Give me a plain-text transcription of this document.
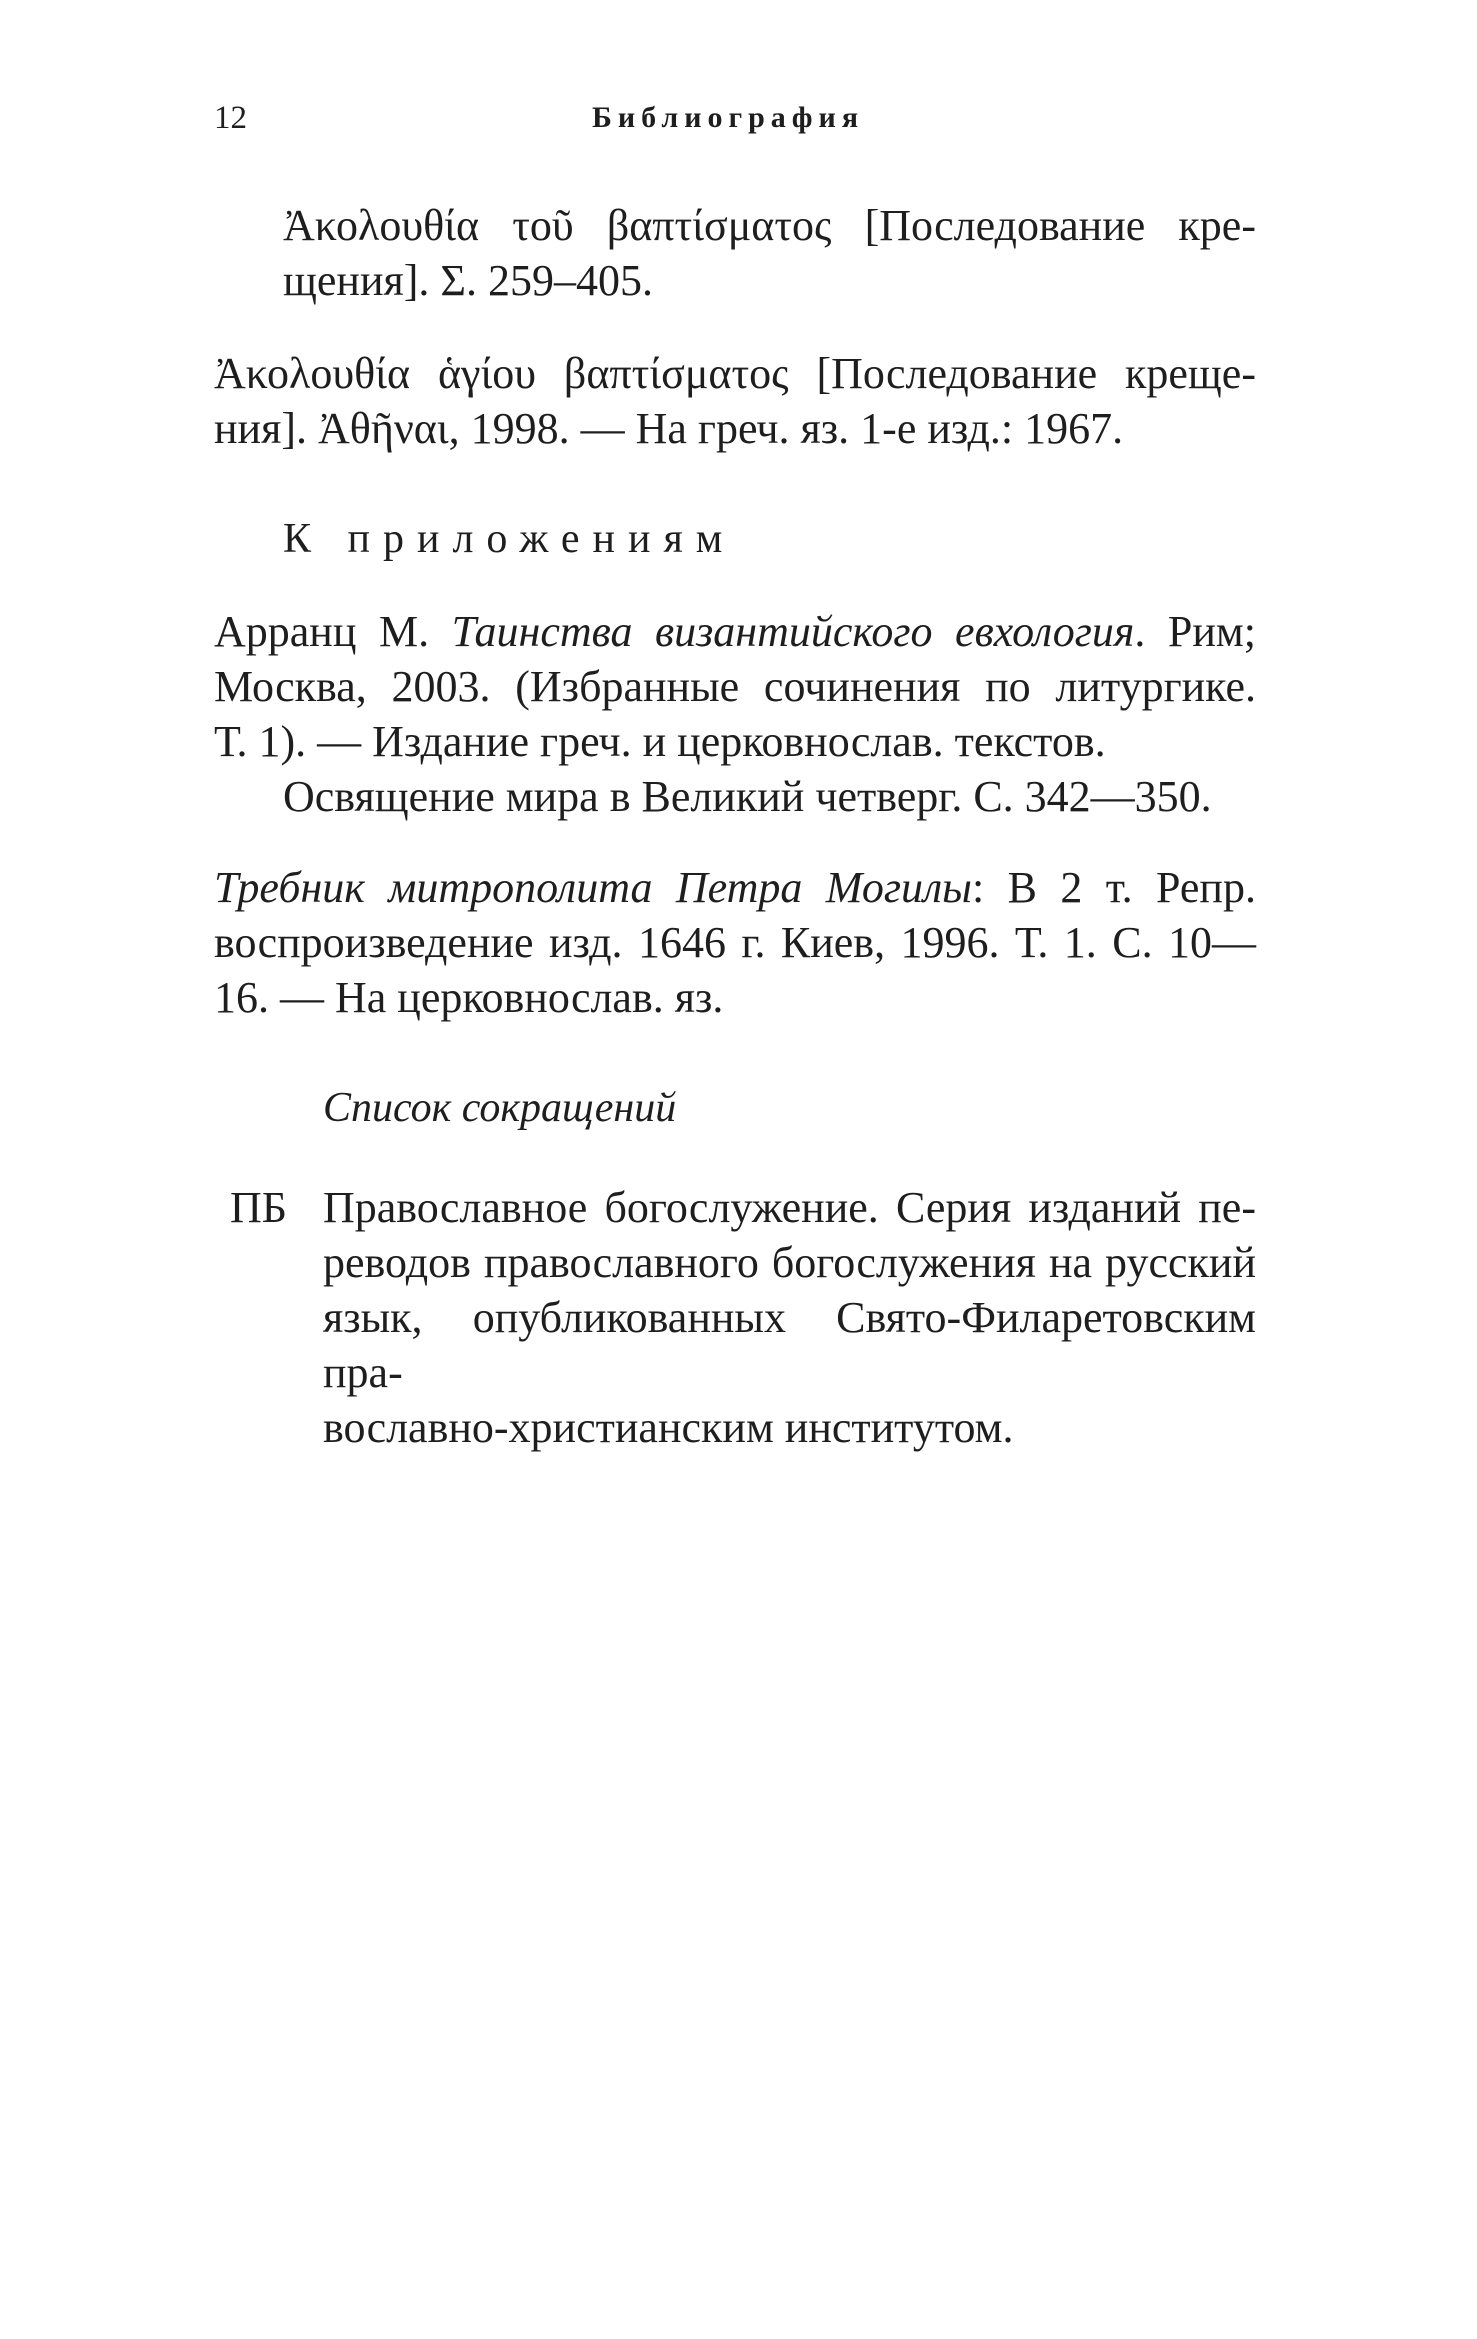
12	Библиография
Ἀκολουθία τοῦ βαπτίσματος [Последование кре-
щения]. Σ. 259–405.
Ἀκολουθία ἁγίου βαπτίσματος [Последование креще-
ния]. Ἀθῆναι, 1998. — На греч. яз. 1-е изд.: 1967.
К приложениям
Арранц М. Таинства византийского евхология. Рим;
Москва, 2003. (Избранные сочинения по литургике.
Т. 1). — Издание греч. и церковнослав. текстов.
Освящение мира в Великий четверг. С. 342—350.
Требник митрополита Петра Могилы: В 2 т. Репр.
воспроизведение изд. 1646 г. Киев, 1996. Т. 1. С. 10—
16. — На церковнослав. яз.
Список сокращений
ПБ Православное богослужение. Серия изданий пе-
реводов православного богослужения на русский
язык, опубликованных Свято-Филаретовским пра-
вославно-христианским институтом.
